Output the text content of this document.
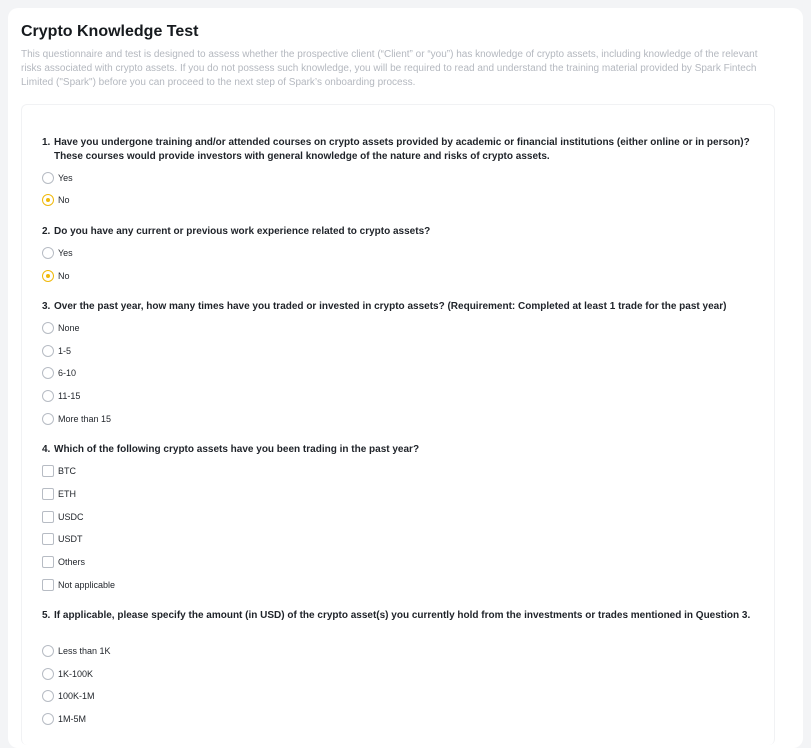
Crypto Knowledge Test

This questionnaire and test is designed to assess whether the prospective client (“Client” or “you”) has knowledge of crypto assets, including knowledge of the relevant risks associated with crypto assets. If you do not possess such knowledge, you will be required to read and understand the training material provided by Spark Fintech Limited ("Spark") before you can proceed to the next step of Spark’s onboarding process.

1. Have you undergone training and/or attended courses on crypto assets provided by academic or financial institutions (either online or in person)? These courses would provide investors with general knowledge of the nature and risks of crypto assets.
Yes
No
2. Do you have any current or previous work experience related to crypto assets?
Yes
No
3. Over the past year, how many times have you traded or invested in crypto assets? (Requirement: Completed at least 1 trade for the past year)
None
1-5
6-10
11-15
More than 15
4. Which of the following crypto assets have you been trading in the past year?
BTC
ETH
USDC
USDT
Others
Not applicable
5. If applicable, please specify the amount (in USD) of the crypto asset(s) you currently hold from the investments or trades mentioned in Question 3.
Less than 1K
1K-100K
100K-1M
1M-5M
